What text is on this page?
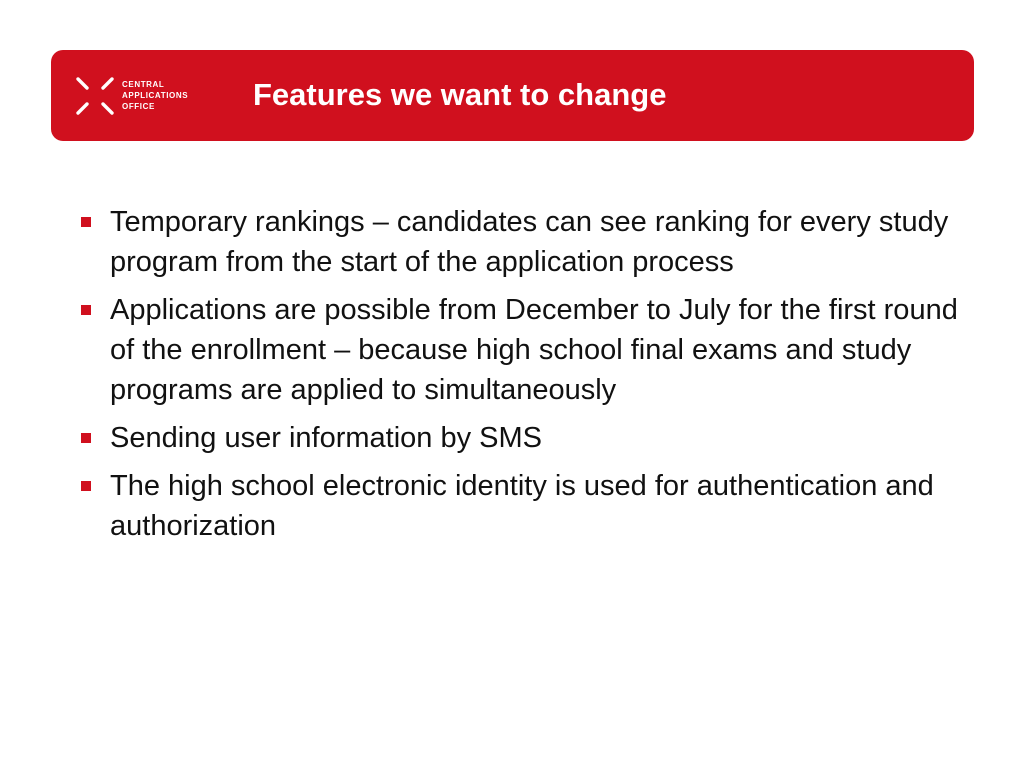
CENTRAL
APPLICATIONS
OFFICE	Features we want to change
Temporary rankings – candidates can see ranking for every study program from the start of the application process
Applications are possible from December to July for the first round of the enrollment – because high school final exams and study programs are applied to simultaneously
Sending user information by SMS
The high school electronic identity is used for authentication and authorization
